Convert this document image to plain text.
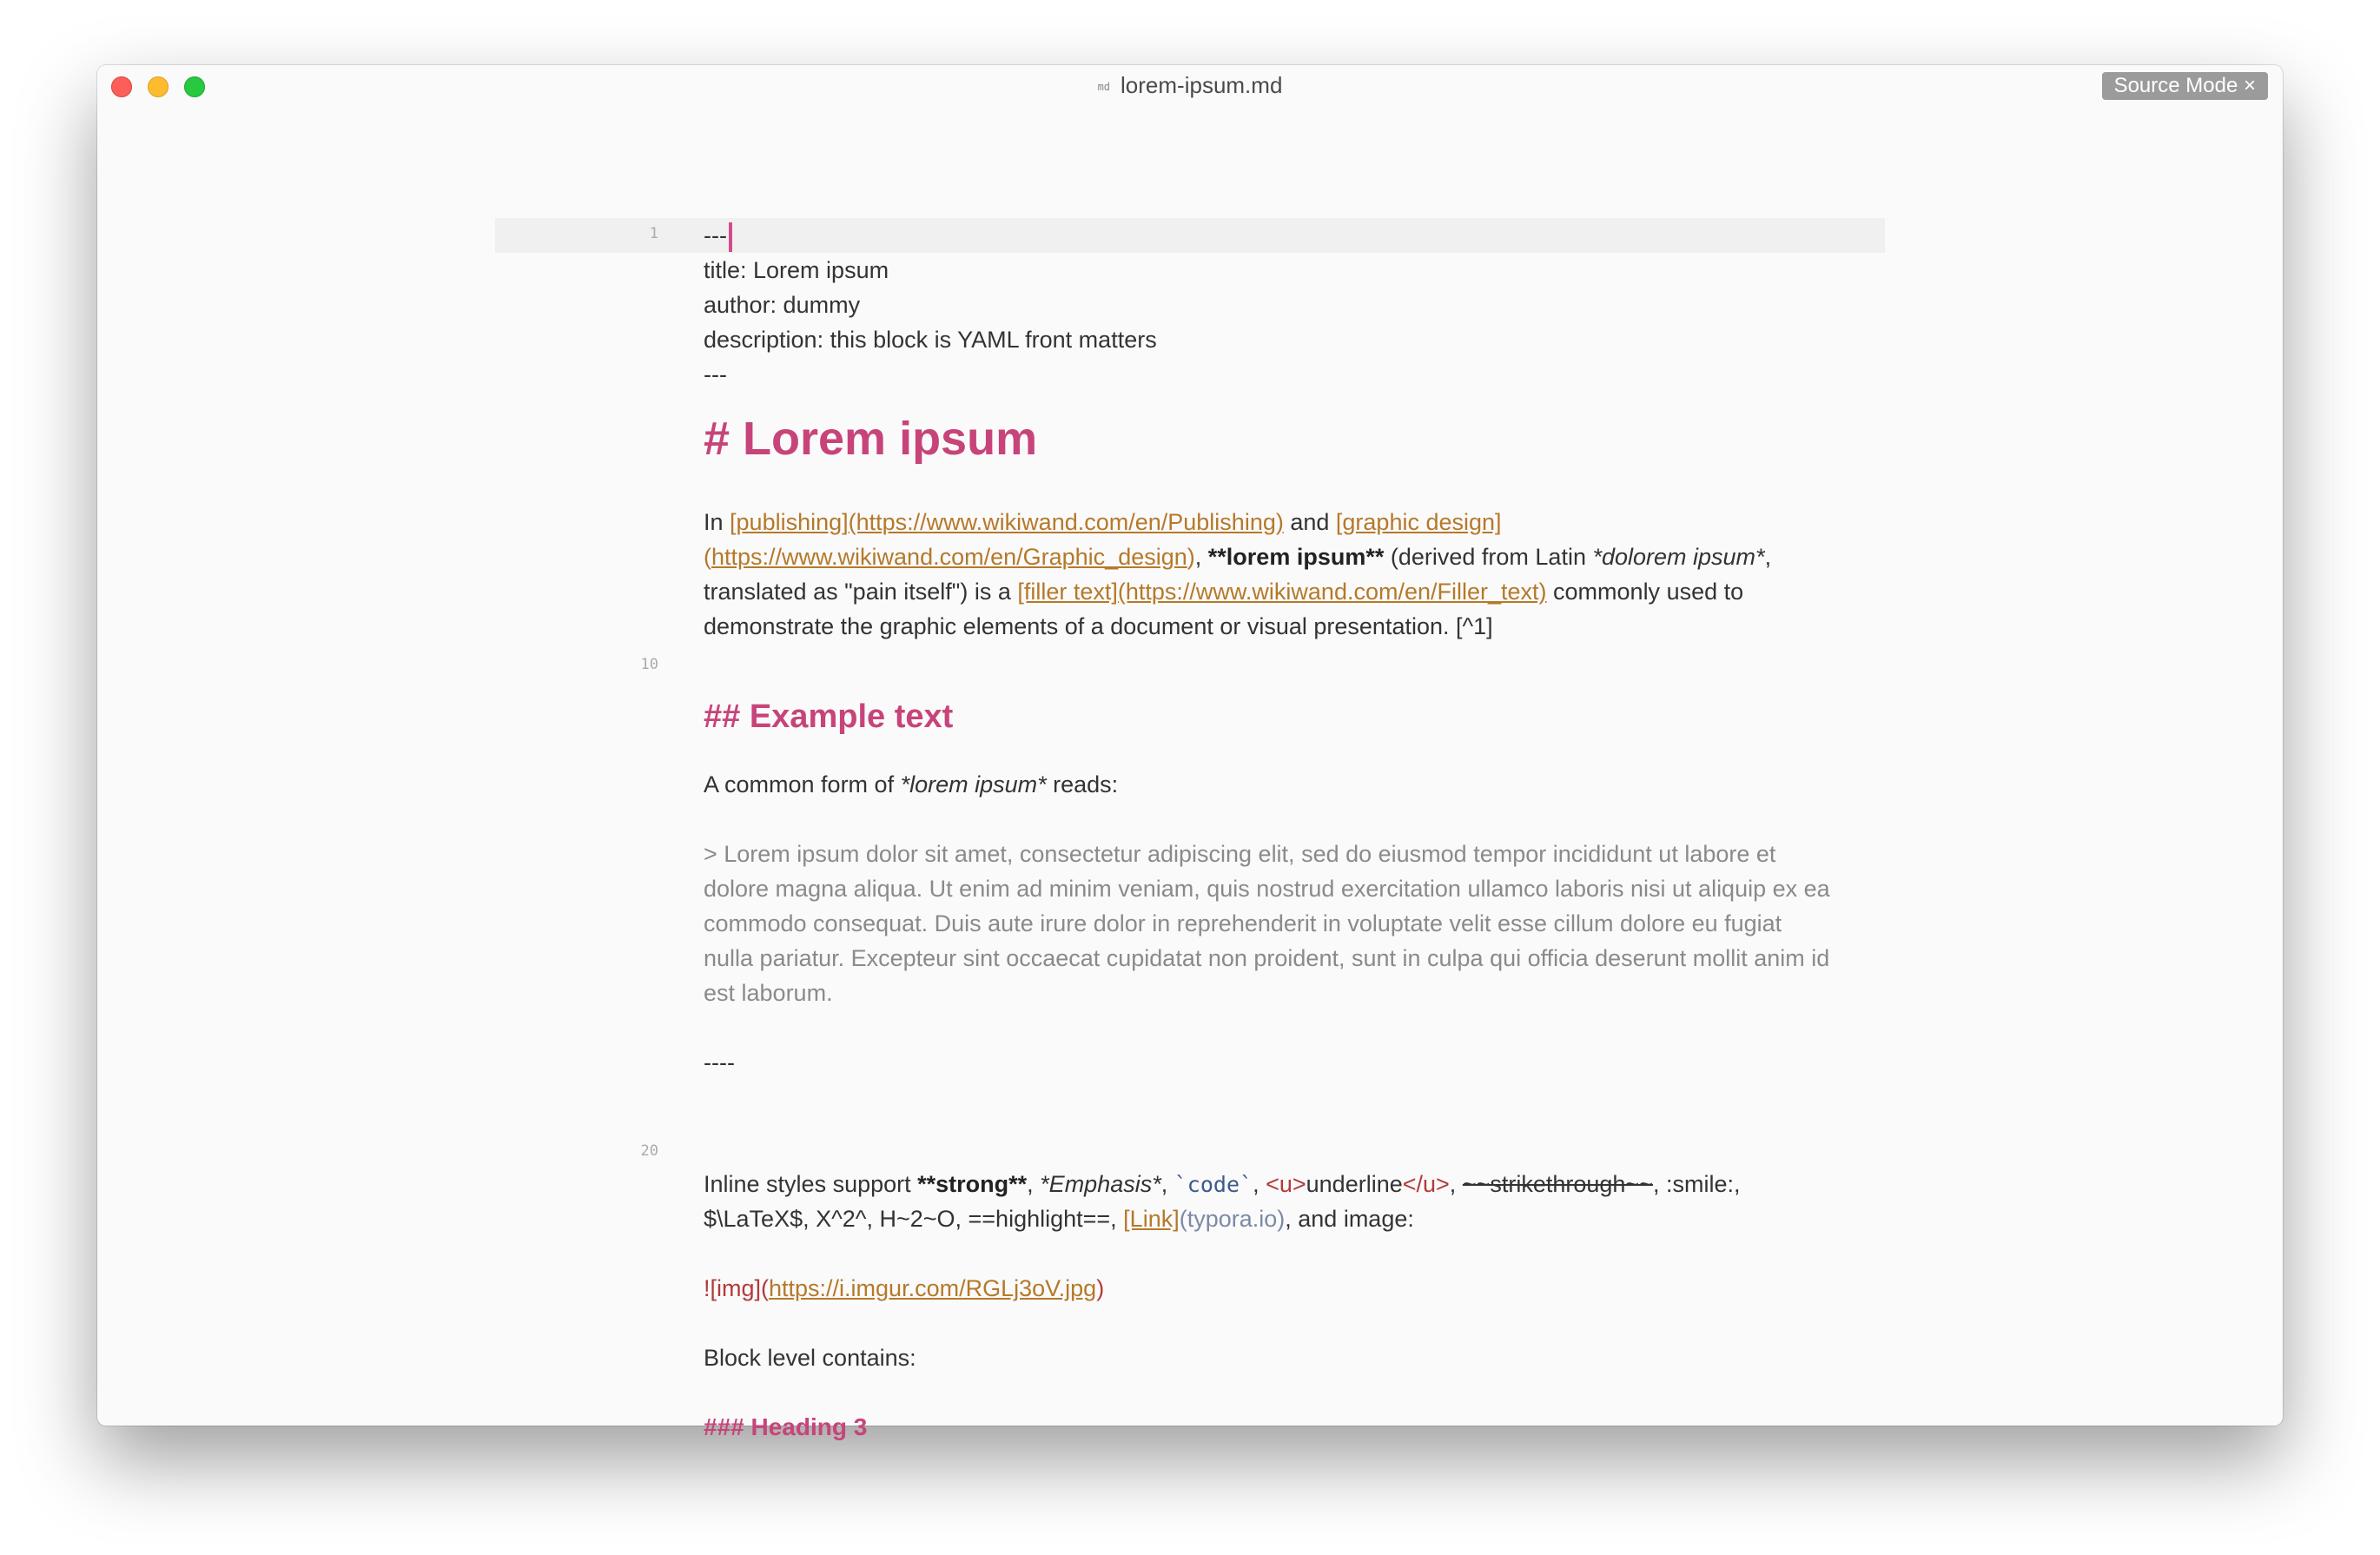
md lorem-ipsum.md	Source Mode ×
1
10
20
---
title: Lorem ipsum
author: dummy
description: this block is YAML front matters
---
# Lorem ipsum
In [publishing](https://www.wikiwand.com/en/Publishing) and [graphic design]
(https://www.wikiwand.com/en/Graphic_design), **lorem ipsum** (derived from Latin *dolorem ipsum*,
translated as "pain itself") is a [filler text](https://www.wikiwand.com/en/Filler_text) commonly used to
demonstrate the graphic elements of a document or visual presentation. [^1]
## Example text
A common form of *lorem ipsum* reads:
> Lorem ipsum dolor sit amet, consectetur adipiscing elit, sed do eiusmod tempor incididunt ut labore et
dolore magna aliqua. Ut enim ad minim veniam, quis nostrud exercitation ullamco laboris nisi ut aliquip ex ea
commodo consequat. Duis aute irure dolor in reprehenderit in voluptate velit esse cillum dolore eu fugiat
nulla pariatur. Excepteur sint occaecat cupidatat non proident, sunt in culpa qui officia deserunt mollit anim id
est laborum.
----
Inline styles support **strong**, *Emphasis*, `code`, <u>underline</u>, ~~strikethrough~~, :smile:,
$\LaTeX$, X^2^, H~2~O, ==highlight==, [Link](typora.io), and image:
![img](https://i.imgur.com/RGLj3oV.jpg)
Block level contains:
### Heading 3
